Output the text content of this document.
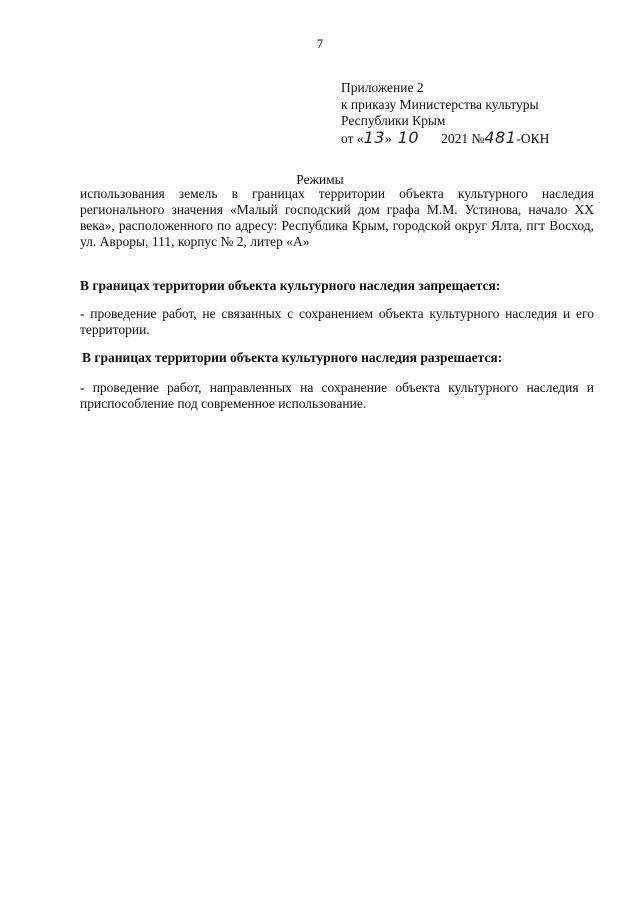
7
Приложение 2
к приказу Министерства культуры
Республики Крым
от «13» 10 2021 №481-ОКН
Режимы
использования земель в границах территории объекта культурного наследия регионального значения «Малый господский дом графа М.М. Устинова, начало XX века», расположенного по адресу: Республика Крым, городской округ Ялта, пгт Восход, ул. Авроры, 111, корпус № 2, литер «А»

В границах территории объекта культурного наследия запрещается:

- проведение работ, не связанных с сохранением объекта культурного наследия и его территории.

В границах территории объекта культурного наследия разрешается:

- проведение работ, направленных на сохранение объекта культурного наследия и приспособление под современное использование.
